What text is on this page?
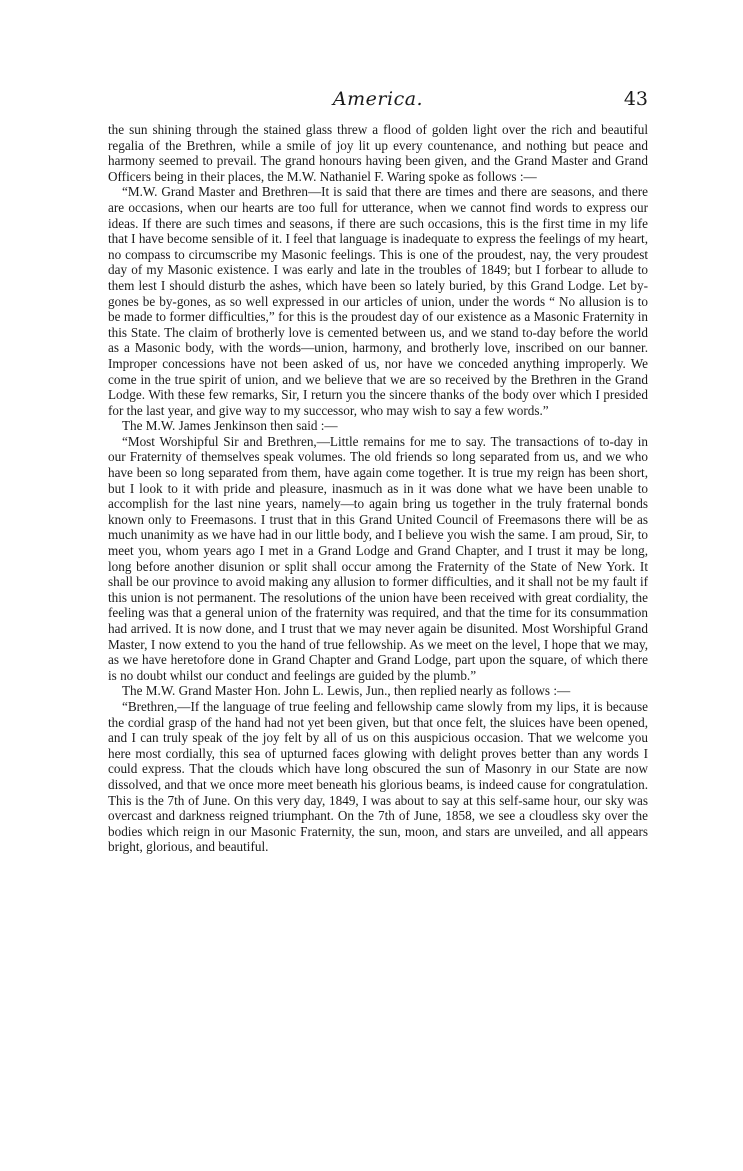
America.	43

the sun shining through the stained glass threw a flood of golden light over the rich and beautiful regalia of the Brethren, while a smile of joy lit up every countenance, and nothing but peace and harmony seemed to prevail. The grand honours having been given, and the Grand Master and Grand Officers being in their places, the M.W. Nathaniel F. Waring spoke as follows :—

“M.W. Grand Master and Brethren—It is said that there are times and there are seasons, and there are occasions, when our hearts are too full for utterance, when we cannot find words to express our ideas. If there are such times and seasons, if there are such occasions, this is the first time in my life that I have become sensible of it. I feel that language is inadequate to express the feelings of my heart, no compass to circumscribe my Masonic feelings. This is one of the proudest, nay, the very proudest day of my Masonic existence. I was early and late in the troubles of 1849; but I forbear to allude to them lest I should disturb the ashes, which have been so lately buried, by this Grand Lodge. Let by-gones be by-gones, as so well expressed in our articles of union, under the words “ No allusion is to be made to former difficulties,” for this is the proudest day of our existence as a Masonic Fraternity in this State. The claim of brotherly love is cemented between us, and we stand to-day before the world as a Masonic body, with the words—union, harmony, and brotherly love, inscribed on our banner. Improper concessions have not been asked of us, nor have we conceded anything improperly. We come in the true spirit of union, and we believe that we are so received by the Brethren in the Grand Lodge. With these few remarks, Sir, I return you the sincere thanks of the body over which I presided for the last year, and give way to my successor, who may wish to say a few words.”

The M.W. James Jenkinson then said :—

“Most Worshipful Sir and Brethren,—Little remains for me to say. The transactions of to-day in our Fraternity of themselves speak volumes. The old friends so long separated from us, and we who have been so long separated from them, have again come together. It is true my reign has been short, but I look to it with pride and pleasure, inasmuch as in it was done what we have been unable to accomplish for the last nine years, namely—to again bring us together in the truly fraternal bonds known only to Freemasons. I trust that in this Grand United Council of Freemasons there will be as much unanimity as we have had in our little body, and I believe you wish the same. I am proud, Sir, to meet you, whom years ago I met in a Grand Lodge and Grand Chapter, and I trust it may be long, long before another disunion or split shall occur among the Fraternity of the State of New York. It shall be our province to avoid making any allusion to former difficulties, and it shall not be my fault if this union is not permanent. The resolutions of the union have been received with great cordiality, the feeling was that a general union of the fraternity was required, and that the time for its consummation had arrived. It is now done, and I trust that we may never again be disunited. Most Worshipful Grand Master, I now extend to you the hand of true fellowship. As we meet on the level, I hope that we may, as we have heretofore done in Grand Chapter and Grand Lodge, part upon the square, of which there is no doubt whilst our conduct and feelings are guided by the plumb.”

The M.W. Grand Master Hon. John L. Lewis, Jun., then replied nearly as follows :—

“Brethren,—If the language of true feeling and fellowship came slowly from my lips, it is because the cordial grasp of the hand had not yet been given, but that once felt, the sluices have been opened, and I can truly speak of the joy felt by all of us on this auspicious occasion. That we welcome you here most cordially, this sea of upturned faces glowing with delight proves better than any words I could express. That the clouds which have long obscured the sun of Masonry in our State are now dissolved, and that we once more meet beneath his glorious beams, is indeed cause for congratulation. This is the 7th of June. On this very day, 1849, I was about to say at this self-same hour, our sky was overcast and darkness reigned triumphant. On the 7th of June, 1858, we see a cloudless sky over the bodies which reign in our Masonic Fraternity, the sun, moon, and stars are unveiled, and all appears bright, glorious, and beautiful.
